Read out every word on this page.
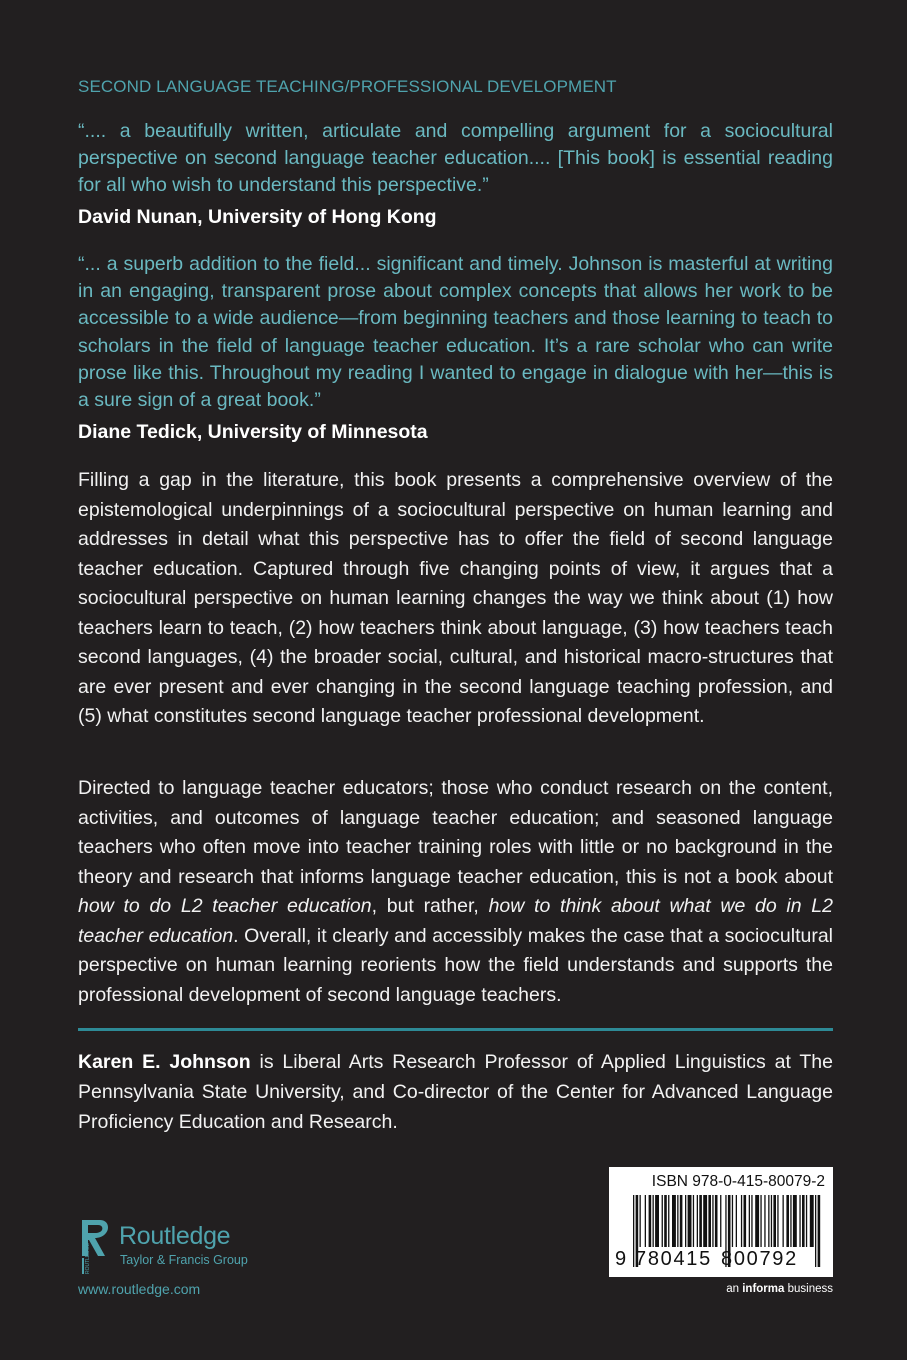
SECOND LANGUAGE TEACHING/PROFESSIONAL DEVELOPMENT
“.... a beautifully written, articulate and compelling argument for a sociocultural perspective on second language teacher education.... [This book] is essential reading for all who wish to understand this perspective.”
David Nunan, University of Hong Kong
“... a superb addition to the field... significant and timely. Johnson is masterful at writing in an engaging, transparent prose about complex concepts that allows her work to be accessible to a wide audience—from beginning teachers and those learning to teach to scholars in the field of language teacher education. It’s a rare scholar who can write prose like this. Throughout my reading I wanted to engage in dialogue with her—this is a sure sign of a great book.”
Diane Tedick, University of Minnesota
Filling a gap in the literature, this book presents a comprehensive overview of the epistemological underpinnings of a sociocultural perspective on human learning and addresses in detail what this perspective has to offer the field of second language teacher education. Captured through five changing points of view, it argues that a sociocultural perspective on human learning changes the way we think about (1) how teachers learn to teach, (2) how teachers think about language, (3) how teachers teach second languages, (4) the broader social, cultural, and historical macro-structures that are ever present and ever changing in the second language teaching profession, and (5) what constitutes second language teacher professional development.
Directed to language teacher educators; those who conduct research on the content, activities, and outcomes of language teacher education; and seasoned language teachers who often move into teacher training roles with little or no background in the theory and research that informs language teacher education, this is not a book about how to do L2 teacher education, but rather, how to think about what we do in L2 teacher education. Overall, it clearly and accessibly makes the case that a sociocultural perspective on human learning reorients how the field understands and supports the professional development of second language teachers.
Karen E. Johnson is Liberal Arts Research Professor of Applied Linguistics at The Pennsylvania State University, and Co-director of the Center for Advanced Language Proficiency Education and Research.
ROUTLEDGE
Routledge
Taylor & Francis Group
www.routledge.com
ISBN 978-0-415-80079-2
9 780415 800792
an informa business
